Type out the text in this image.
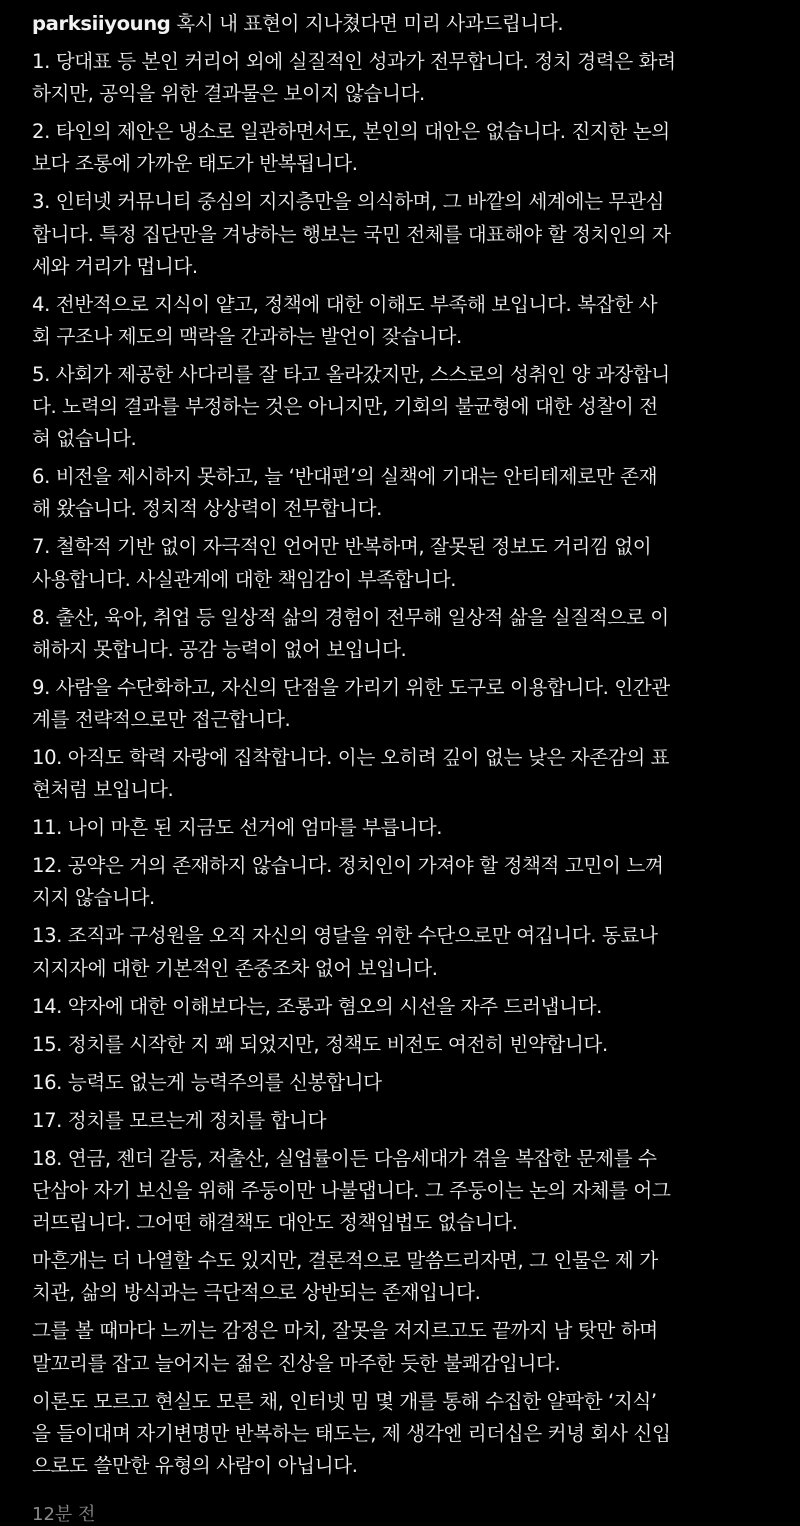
parksiiyoung 혹시 내 표현이 지나쳤다면 미리 사과드립니다.

1. 당대표 등 본인 커리어 외에 실질적인 성과가 전무합니다. 정치 경력은 화려
하지만, 공익을 위한 결과물은 보이지 않습니다.

2. 타인의 제안은 냉소로 일관하면서도, 본인의 대안은 없습니다. 진지한 논의
보다 조롱에 가까운 태도가 반복됩니다.

3. 인터넷 커뮤니티 중심의 지지층만을 의식하며, 그 바깥의 세계에는 무관심
합니다. 특정 집단만을 겨냥하는 행보는 국민 전체를 대표해야 할 정치인의 자
세와 거리가 멉니다.

4. 전반적으로 지식이 얕고, 정책에 대한 이해도 부족해 보입니다. 복잡한 사
회 구조나 제도의 맥락을 간과하는 발언이 잦습니다.

5. 사회가 제공한 사다리를 잘 타고 올라갔지만, 스스로의 성취인 양 과장합니
다. 노력의 결과를 부정하는 것은 아니지만, 기회의 불균형에 대한 성찰이 전
혀 없습니다.

6. 비전을 제시하지 못하고, 늘 ‘반대편’의 실책에 기대는 안티테제로만 존재
해 왔습니다. 정치적 상상력이 전무합니다.

7. 철학적 기반 없이 자극적인 언어만 반복하며, 잘못된 정보도 거리낌 없이
사용합니다. 사실관계에 대한 책임감이 부족합니다.

8. 출산, 육아, 취업 등 일상적 삶의 경험이 전무해 일상적 삶을 실질적으로 이
해하지 못합니다. 공감 능력이 없어 보입니다.

9. 사람을 수단화하고, 자신의 단점을 가리기 위한 도구로 이용합니다. 인간관
계를 전략적으로만 접근합니다.

10. 아직도 학력 자랑에 집착합니다. 이는 오히려 깊이 없는 낮은 자존감의 표
현처럼 보입니다.

11. 나이 마흔 된 지금도 선거에 엄마를 부릅니다.

12. 공약은 거의 존재하지 않습니다. 정치인이 가져야 할 정책적 고민이 느껴
지지 않습니다.

13. 조직과 구성원을 오직 자신의 영달을 위한 수단으로만 여깁니다. 동료나
지지자에 대한 기본적인 존중조차 없어 보입니다.

14. 약자에 대한 이해보다는, 조롱과 혐오의 시선을 자주 드러냅니다.

15. 정치를 시작한 지 꽤 되었지만, 정책도 비전도 여전히 빈약합니다.

16. 능력도 없는게 능력주의를 신봉합니다

17. 정치를 모르는게 정치를 합니다

18. 연금, 젠더 갈등, 저출산, 실업률이든 다음세대가 겪을 복잡한 문제를 수
단삼아 자기 보신을 위해 주둥이만 나불댑니다. 그 주둥이는 논의 자체를 어그
러뜨립니다. 그어떤 해결책도 대안도 정책입법도 없습니다.

마흔개는 더 나열할 수도 있지만, 결론적으로 말씀드리자면, 그 인물은 제 가
치관, 삶의 방식과는 극단적으로 상반되는 존재입니다.

그를 볼 때마다 느끼는 감정은 마치, 잘못을 저지르고도 끝까지 남 탓만 하며
말꼬리를 잡고 늘어지는 젊은 진상을 마주한 듯한 불쾌감입니다.

이론도 모르고 현실도 모른 채, 인터넷 밈 몇 개를 통해 수집한 얄팍한 ‘지식’
을 들이대며 자기변명만 반복하는 태도는, 제 생각엔 리더십은 커녕 회사 신입
으로도 쓸만한 유형의 사람이 아닙니다.

12분 전
